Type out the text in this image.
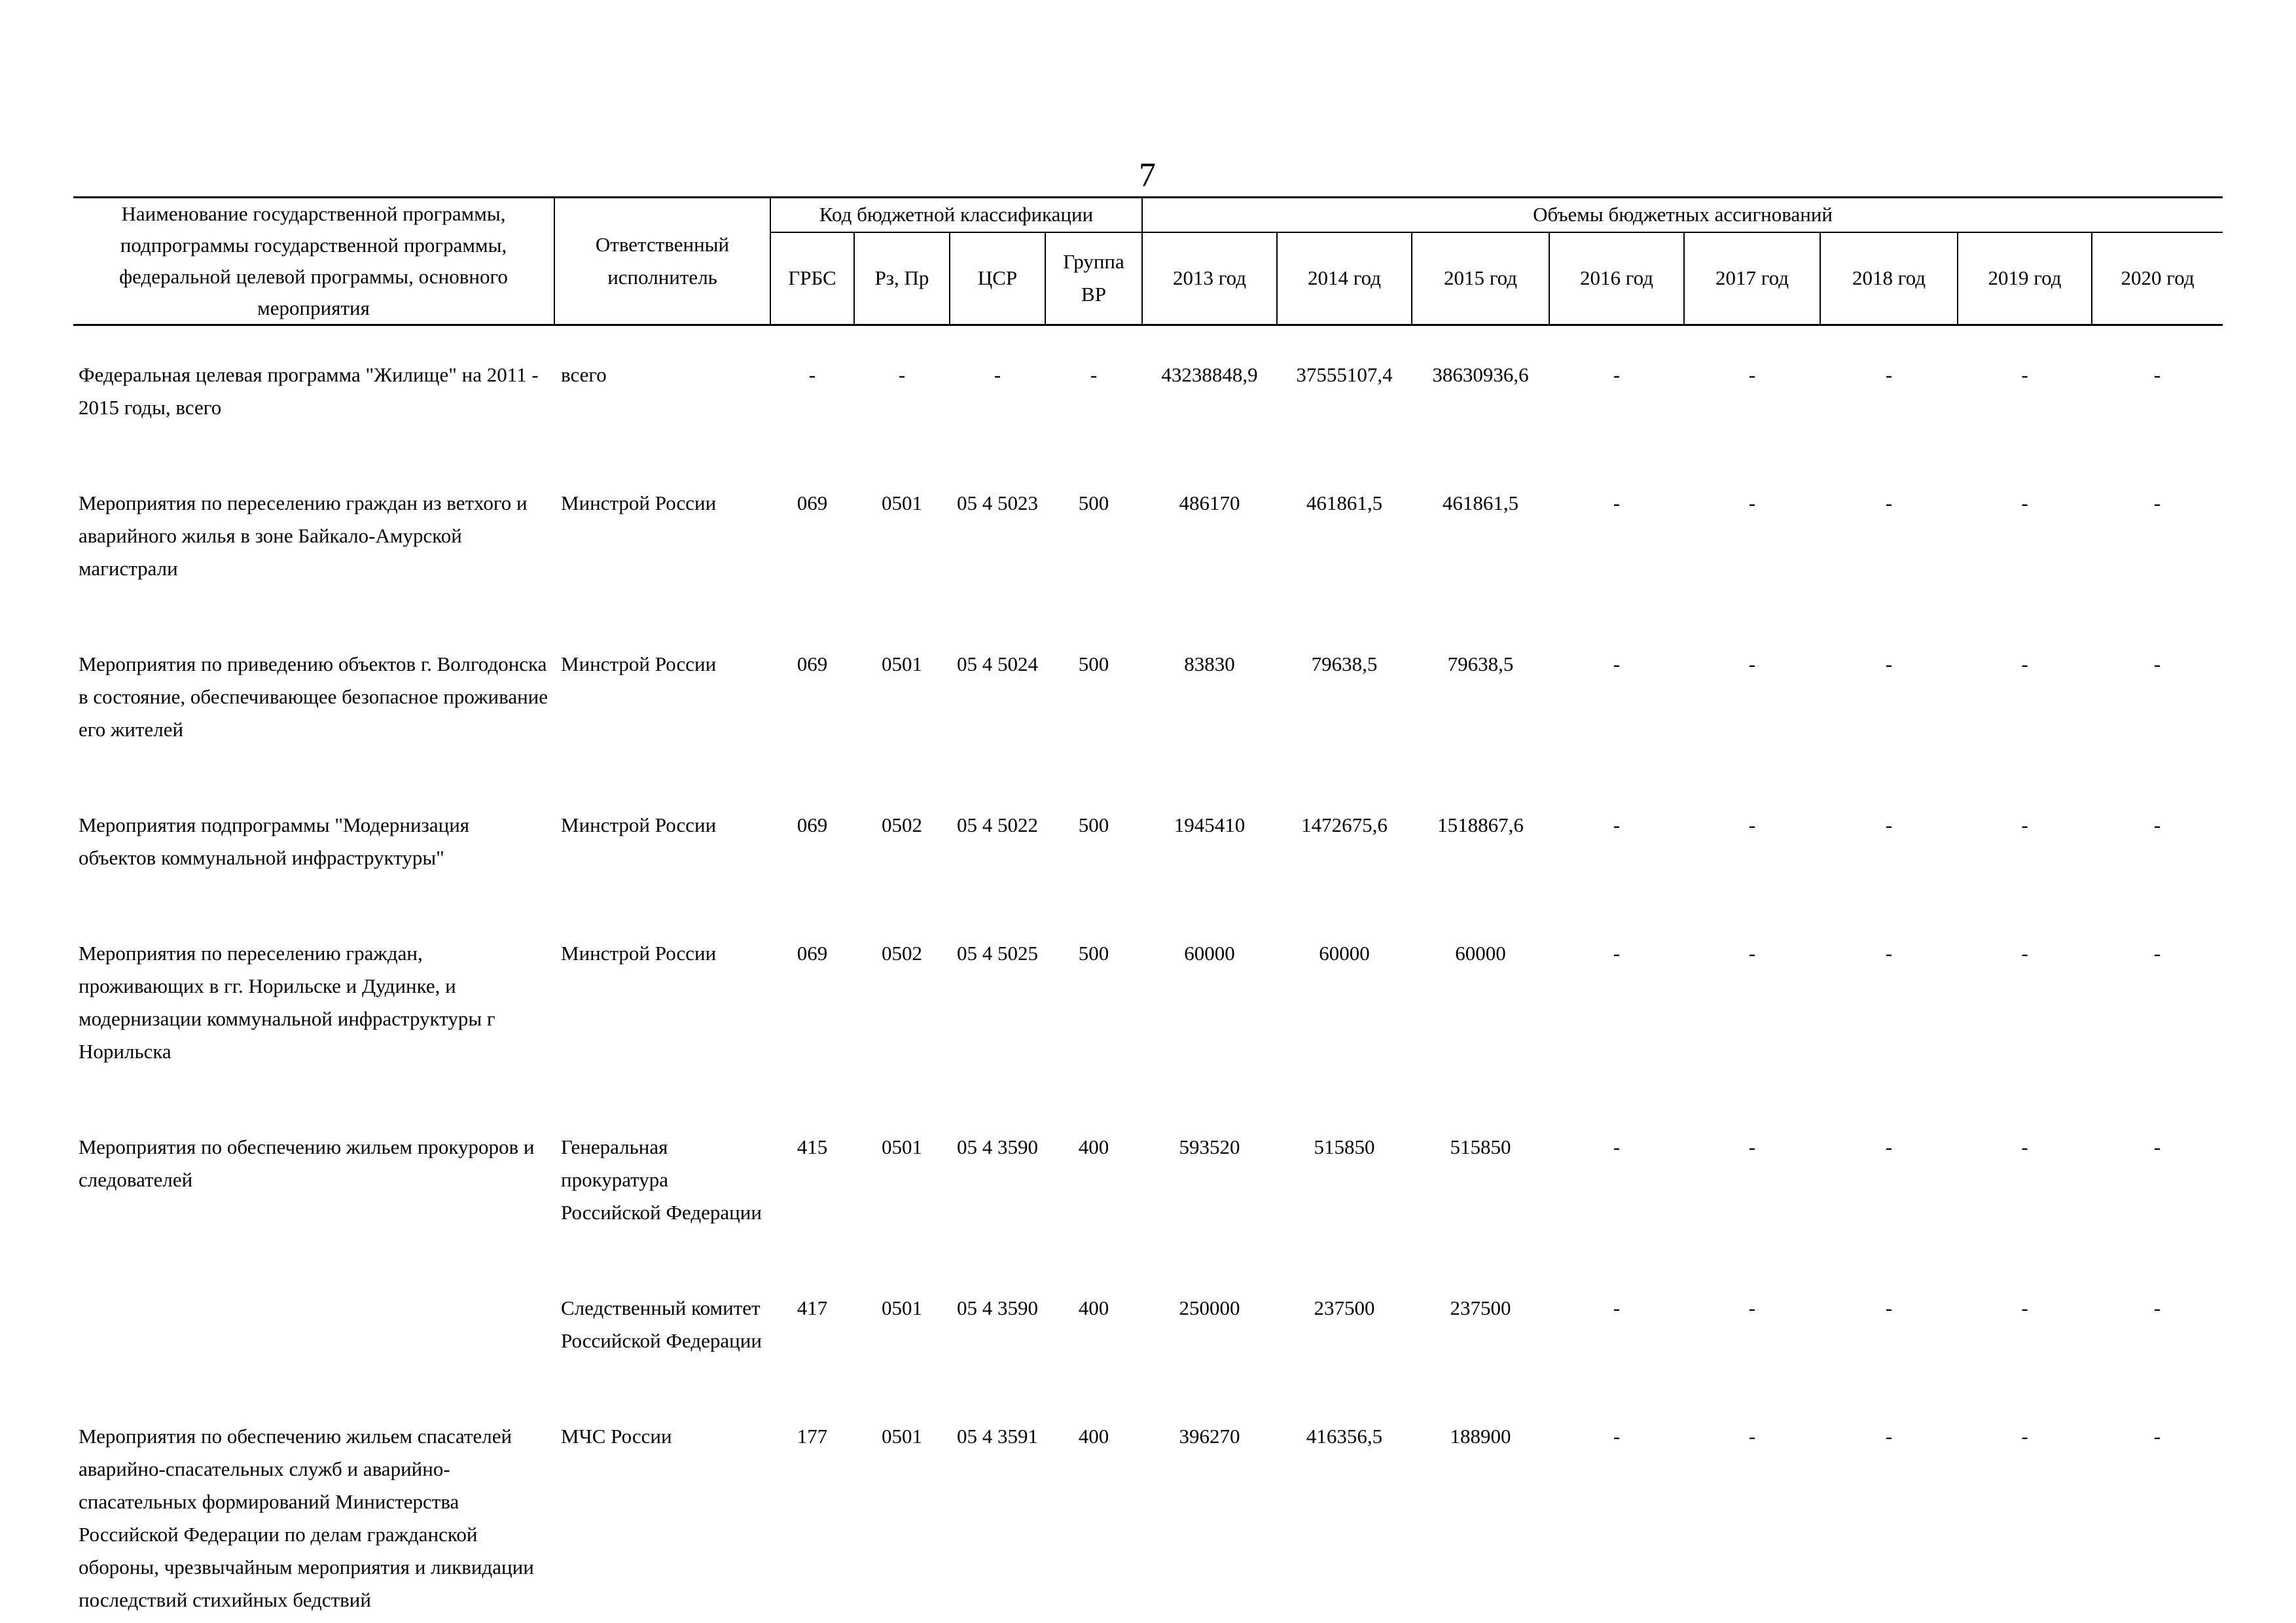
7
Наименование государственной программы, подпрограммы государственной программы, федеральной целевой программы, основного мероприятия	Ответственный исполнитель	Код бюджетной классификации				Объемы бюджетных ассигнований							
		ГРБС	Рз, Пр	ЦСР	Группа ВР	2013 год	2014 год	2015 год	2016 год	2017 год	2018 год	2019 год	2020 год

Федеральная целевая программа "Жилище" на 2011 - 2015 годы, всего	всего	-	-	-	-	43238848,9	37555107,4	38630936,6	-	-	-	-	-

Мероприятия по переселению граждан из ветхого и аварийного жилья в зоне Байкало-Амурской магистрали	Минстрой России	069	0501	05 4 5023	500	486170	461861,5	461861,5	-	-	-	-	-

Мероприятия по приведению объектов г. Волгодонска в состояние, обеспечивающее безопасное проживание его жителей	Минстрой России	069	0501	05 4 5024	500	83830	79638,5	79638,5	-	-	-	-	-

Мероприятия подпрограммы "Модернизация объектов коммунальной инфраструктуры"	Минстрой России	069	0502	05 4 5022	500	1945410	1472675,6	1518867,6	-	-	-	-	-

Мероприятия по переселению граждан, проживающих в гг. Норильске и Дудинке, и модернизации коммунальной инфраструктуры г Норильска	Минстрой России	069	0502	05 4 5025	500	60000	60000	60000	-	-	-	-	-

Мероприятия по обеспечению жильем прокуроров и следователей	Генеральная прокуратура Российской Федерации	415	0501	05 4 3590	400	593520	515850	515850	-	-	-	-	-

	Следственный комитет Российской Федерации	417	0501	05 4 3590	400	250000	237500	237500	-	-	-	-	-

Мероприятия по обеспечению жильем спасателей аварийно-спасательных служб и аварийно-спасательных формирований Министерства Российской Федерации по делам гражданской обороны, чрезвычайным мероприятия и ликвидации последствий стихийных бедствий	МЧС России	177	0501	05 4 3591	400	396270	416356,5	188900	-	-	-	-	-
